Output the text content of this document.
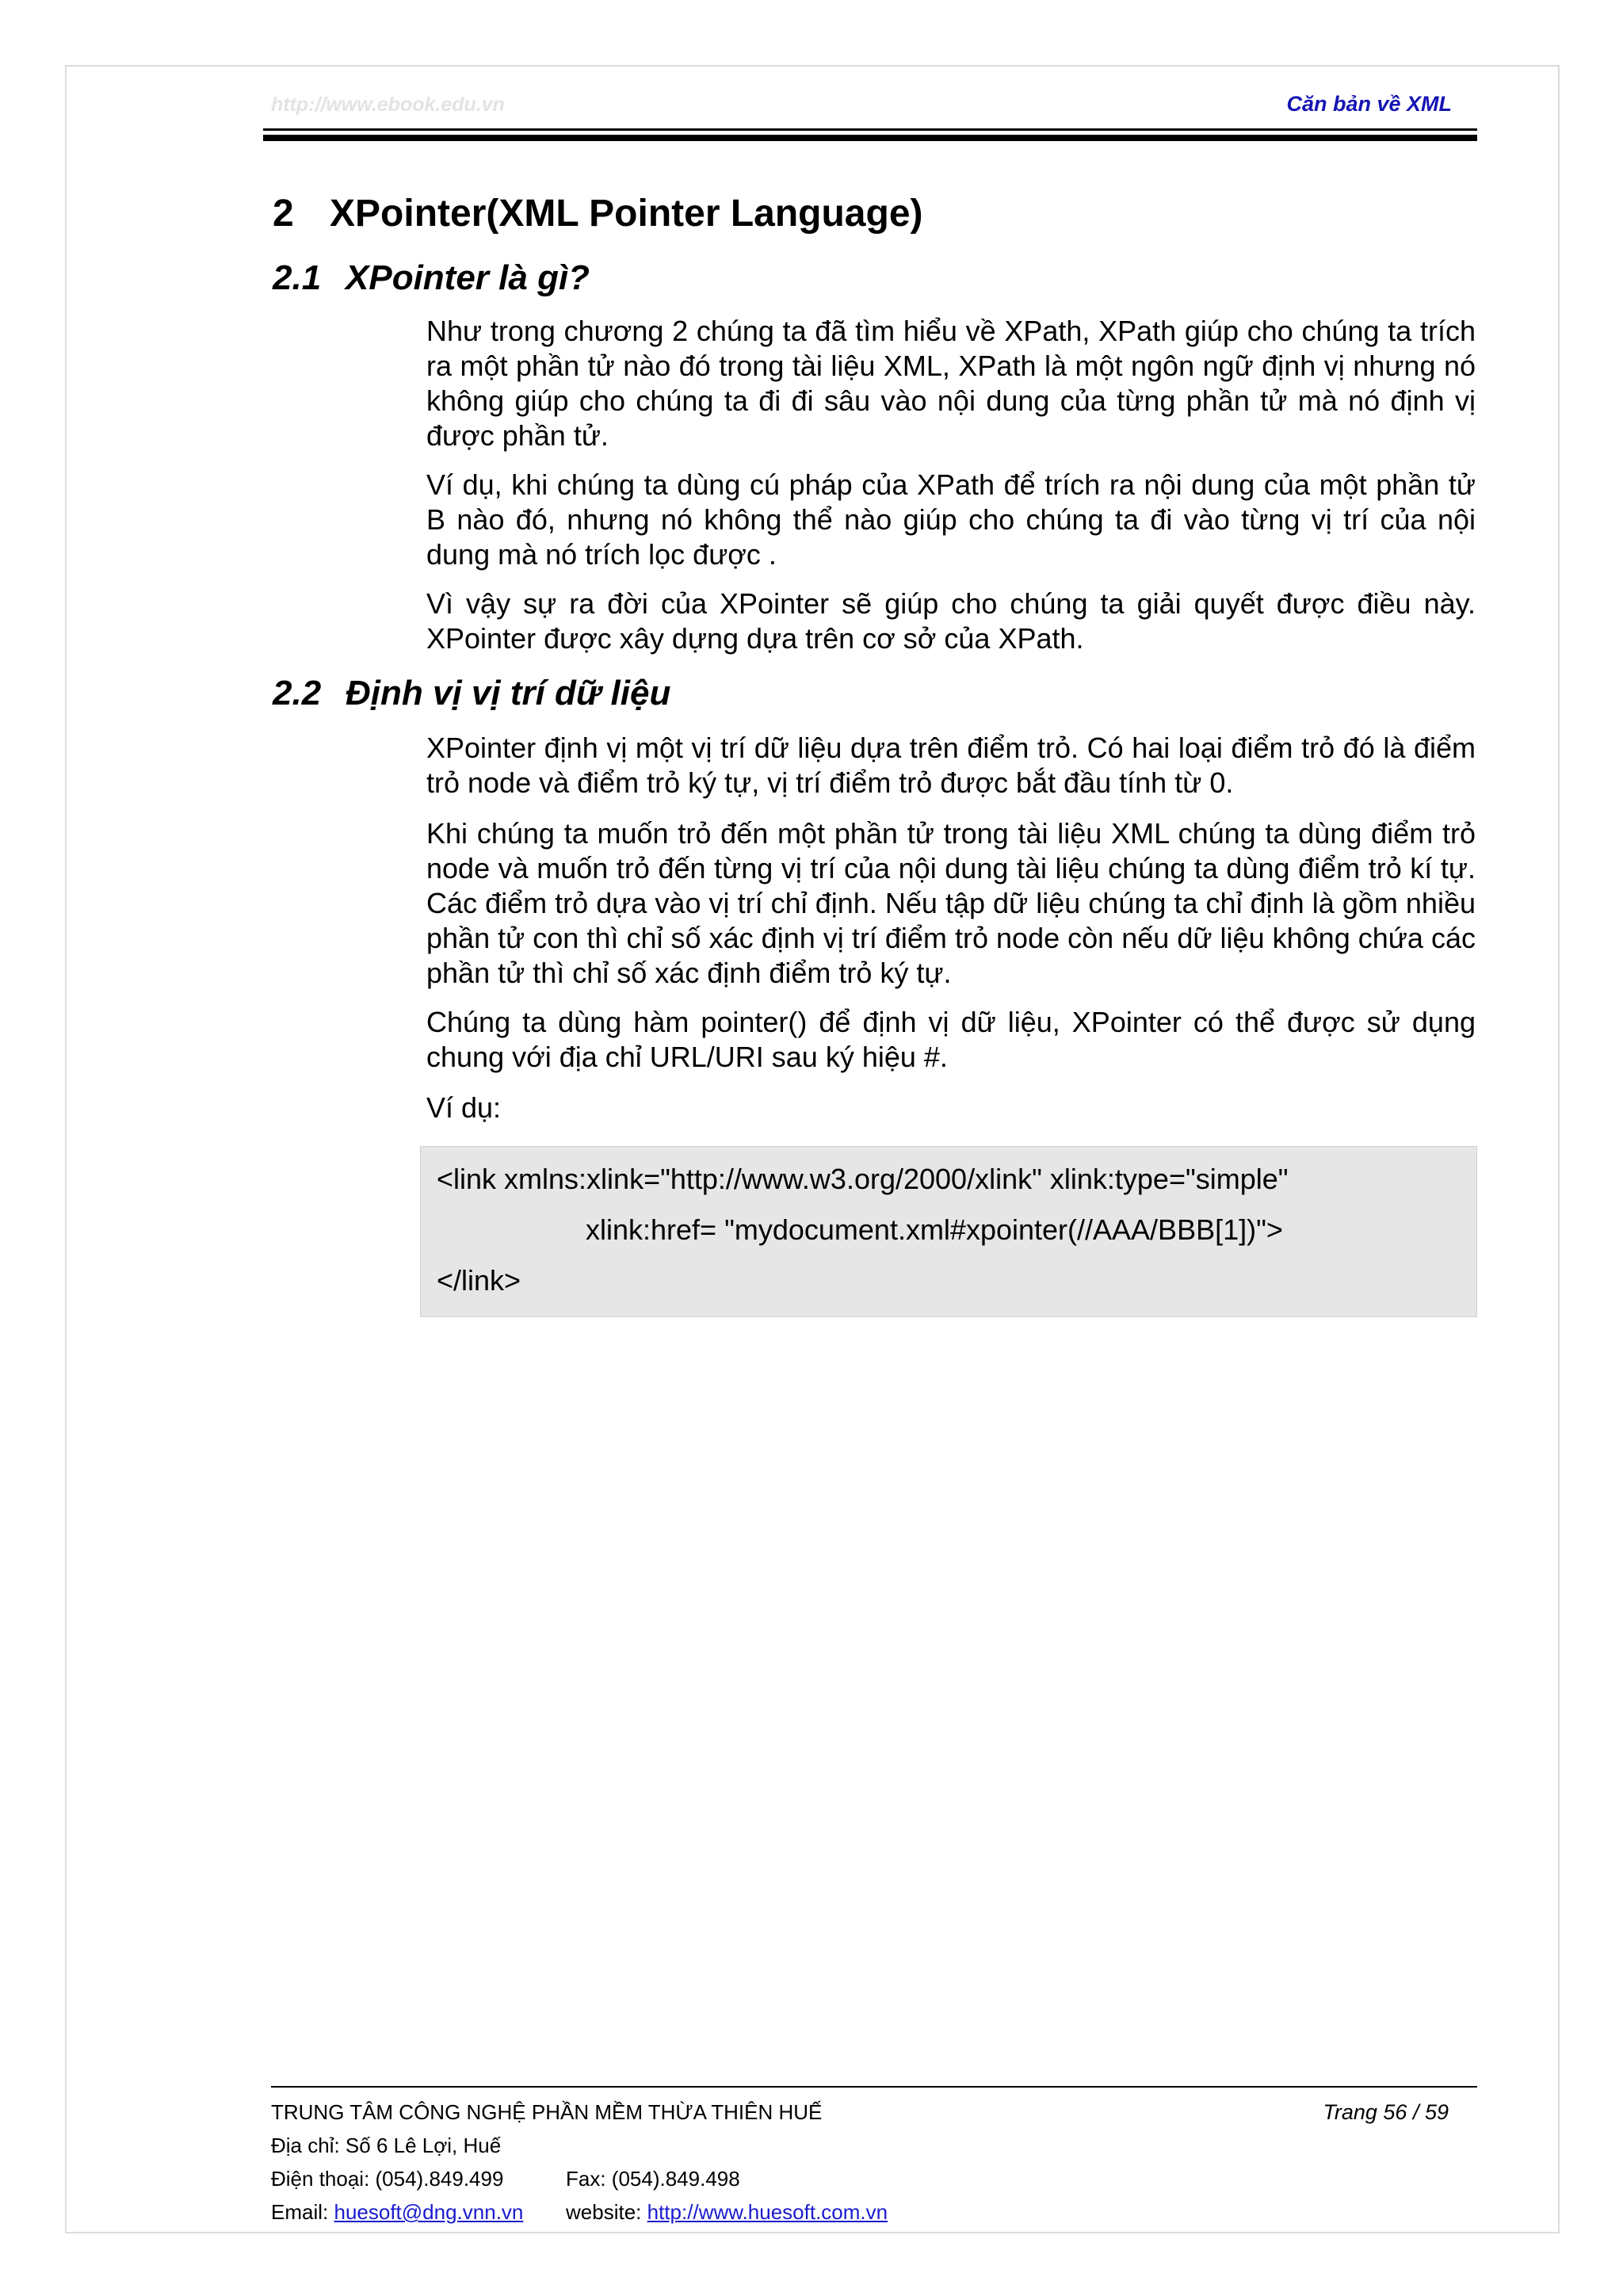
http://www.ebook.edu.vn	Căn bản về XML
2 XPointer(XML Pointer Language)
2.1 XPointer là gì?

Như trong chương 2 chúng ta đã tìm hiểu về XPath, XPath giúp cho chúng ta trích ra một phần tử nào đó trong tài liệu XML, XPath là một ngôn ngữ định vị nhưng nó không giúp cho chúng ta đi đi sâu vào nội dung của từng phần tử mà nó định vị được phần tử.

Ví dụ, khi chúng ta dùng cú pháp của XPath để trích ra nội dung của một phần tử B nào đó, nhưng nó không thể nào giúp cho chúng ta đi vào từng vị trí của nội dung mà nó trích lọc được .

Vì vậy sự ra đời của XPointer sẽ giúp cho chúng ta giải quyết được điều này. XPointer được xây dựng dựa trên cơ sở của XPath.

2.2 Định vị vị trí dữ liệu

XPointer định vị một vị trí dữ liệu dựa trên điểm trỏ. Có hai loại điểm trỏ đó là điểm trỏ node và điểm trỏ ký tự, vị trí điểm trỏ được bắt đầu tính từ 0.

Khi chúng ta muốn trỏ đến một phần tử trong tài liệu XML chúng ta dùng điểm trỏ node và muốn trỏ đến từng vị trí của nội dung tài liệu chúng ta dùng điểm trỏ kí tự. Các điểm trỏ dựa vào vị trí chỉ định. Nếu tập dữ liệu chúng ta chỉ định là gồm nhiều phần tử con thì chỉ số xác định vị trí điểm trỏ node còn nếu dữ liệu không chứa các phần tử thì chỉ số xác định điểm trỏ ký tự.

Chúng ta dùng hàm pointer() để định vị dữ liệu, XPointer có thể được sử dụng chung với địa chỉ URL/URI sau ký hiệu #.

Ví dụ:

<link xmlns:xlink="http://www.w3.org/2000/xlink" xlink:type="simple"
xlink:href= "mydocument.xml#xpointer(//AAA/BBB[1])">
</link>
TRUNG TÂM CÔNG NGHỆ PHẦN MỀM THỪA THIÊN HUẾ	Trang 56 / 59
Địa chỉ: Số 6 Lê Lợi, Huế
Điện thoại: (054).849.499	Fax: (054).849.498
Email: huesoft@dng.vnn.vn website: http://www.huesoft.com.vn
